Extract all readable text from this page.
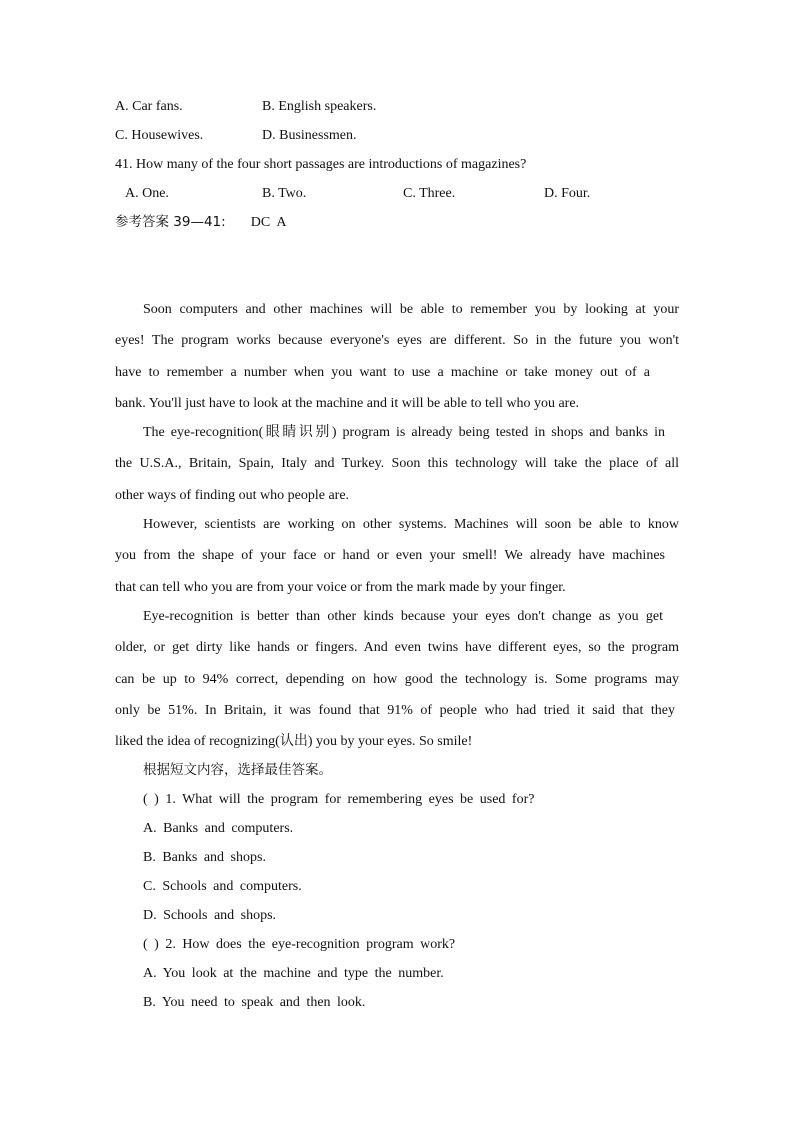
A. Car fans.	B. English speakers.
C. Housewives.	D. Businessmen.
41. How many of the four short passages are introductions of magazines?
A. One.	B. Two.	C. Three.	D. Four.
参考答案 39—41: DC  A
Soon computers and other machines will be able to remember you by looking at your
eyes! The program works because everyone's eyes are different. So in the future you won't
have to remember a number when you want to use a machine or take money out of a
bank. You'll just have to look at the machine and it will be able to tell who you are.
The eye-recognition(眼睛识别) program is already being tested in shops and banks in
the U.S.A., Britain, Spain, Italy and Turkey. Soon this technology will take the place of all
other ways of finding out who people are.
However, scientists are working on other systems. Machines will soon be able to know
you from the shape of your face or hand or even your smell! We already have machines
that can tell who you are from your voice or from the mark made by your finger.
Eye-recognition is better than other kinds because your eyes don't change as you get
older, or get dirty like hands or fingers. And even twins have different eyes, so the program
can be up to 94% correct, depending on how good the technology is. Some programs may
only be 51%. In Britain, it was found that 91% of people who had tried it said that they
liked the idea of recognizing(认出) you by your eyes. So smile!
根据短文内容，选择最佳答案。
( ) 1. What will the program for remembering eyes be used for?
A. Banks and computers.
B. Banks and shops.
C. Schools and computers.
D. Schools and shops.
( ) 2. How does the eye-recognition program work?
A. You look at the machine and type the number.
B. You need to speak and then look.
